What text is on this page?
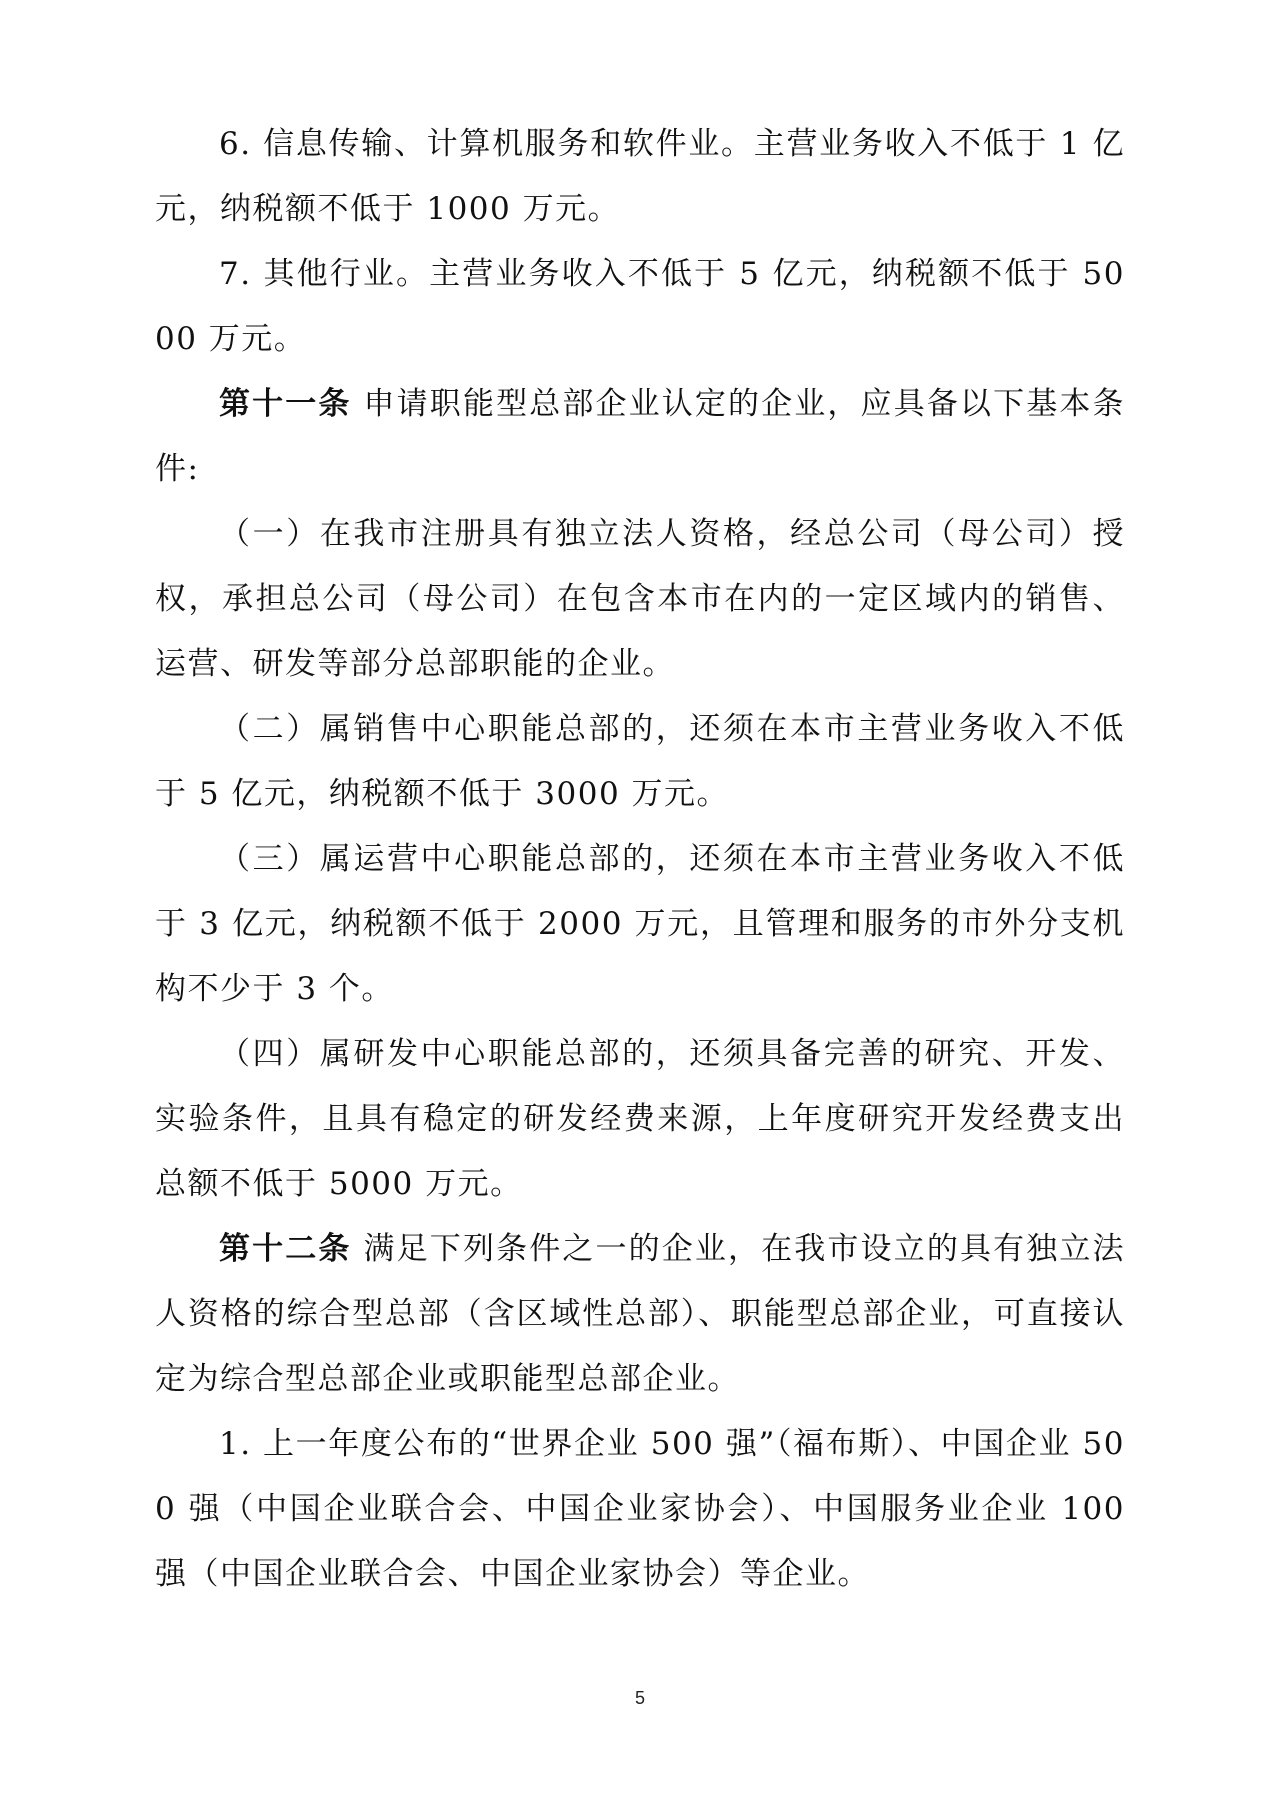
6. 信息传输、计算机服务和软件业。主营业务收入不低于 1 亿元，纳税额不低于 1000 万元。

7. 其他行业。主营业务收入不低于 5 亿元，纳税额不低于 5000 万元。

第十一条 申请职能型总部企业认定的企业，应具备以下基本条件:

（一）在我市注册具有独立法人资格，经总公司（母公司）授权，承担总公司（母公司）在包含本市在内的一定区域内的销售、运营、研发等部分总部职能的企业。

（二）属销售中心职能总部的，还须在本市主营业务收入不低于 5 亿元，纳税额不低于 3000 万元。

（三）属运营中心职能总部的，还须在本市主营业务收入不低于 3 亿元，纳税额不低于 2000 万元，且管理和服务的市外分支机构不少于 3 个。

（四）属研发中心职能总部的，还须具备完善的研究、开发、实验条件，且具有稳定的研发经费来源，上年度研究开发经费支出总额不低于 5000 万元。

第十二条 满足下列条件之一的企业，在我市设立的具有独立法人资格的综合型总部（含区域性总部）、职能型总部企业，可直接认定为综合型总部企业或职能型总部企业。

1. 上一年度公布的“世界企业 500 强”（福布斯）、中国企业 500 强（中国企业联合会、中国企业家协会）、中国服务业企业 100 强（中国企业联合会、中国企业家协会）等企业。

5
